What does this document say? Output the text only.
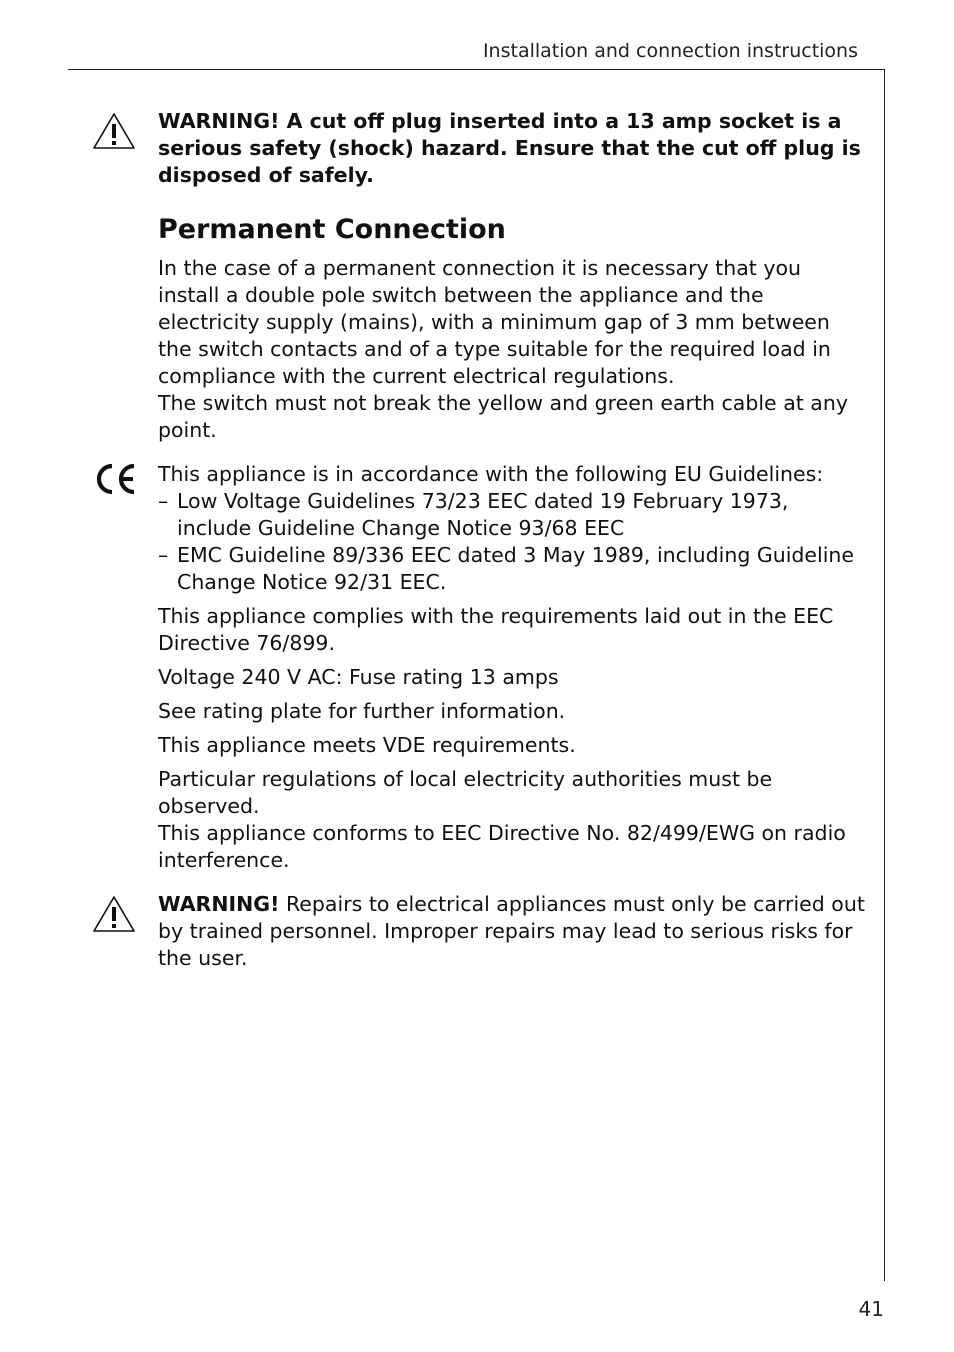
Installation and connection instructions

WARNING! A cut off plug inserted into a 13 amp socket is a serious safety (shock) hazard. Ensure that the cut off plug is disposed of safely.

Permanent Connection

In the case of a permanent connection it is necessary that you install a double pole switch between the appliance and the electricity supply (mains), with a minimum gap of 3 mm between the switch contacts and of a type suitable for the required load in compliance with the current electrical regulations.

The switch must not break the yellow and green earth cable at any point.

This appliance is in accordance with the following EU Guidelines:

– Low Voltage Guidelines 73/23 EEC dated 19 February 1973, include Guideline Change Notice 93/68 EEC
– EMC Guideline 89/336 EEC dated 3 May 1989, including Guideline Change Notice 92/31 EEC.

This appliance complies with the requirements laid out in the EEC Directive 76/899.

Voltage 240 V AC: Fuse rating 13 amps

See rating plate for further information.

This appliance meets VDE requirements.

Particular regulations of local electricity authorities must be observed.

This appliance conforms to EEC Directive No. 82/499/EWG on radio interference.

WARNING! Repairs to electrical appliances must only be carried out by trained personnel. Improper repairs may lead to serious risks for the user.

41
